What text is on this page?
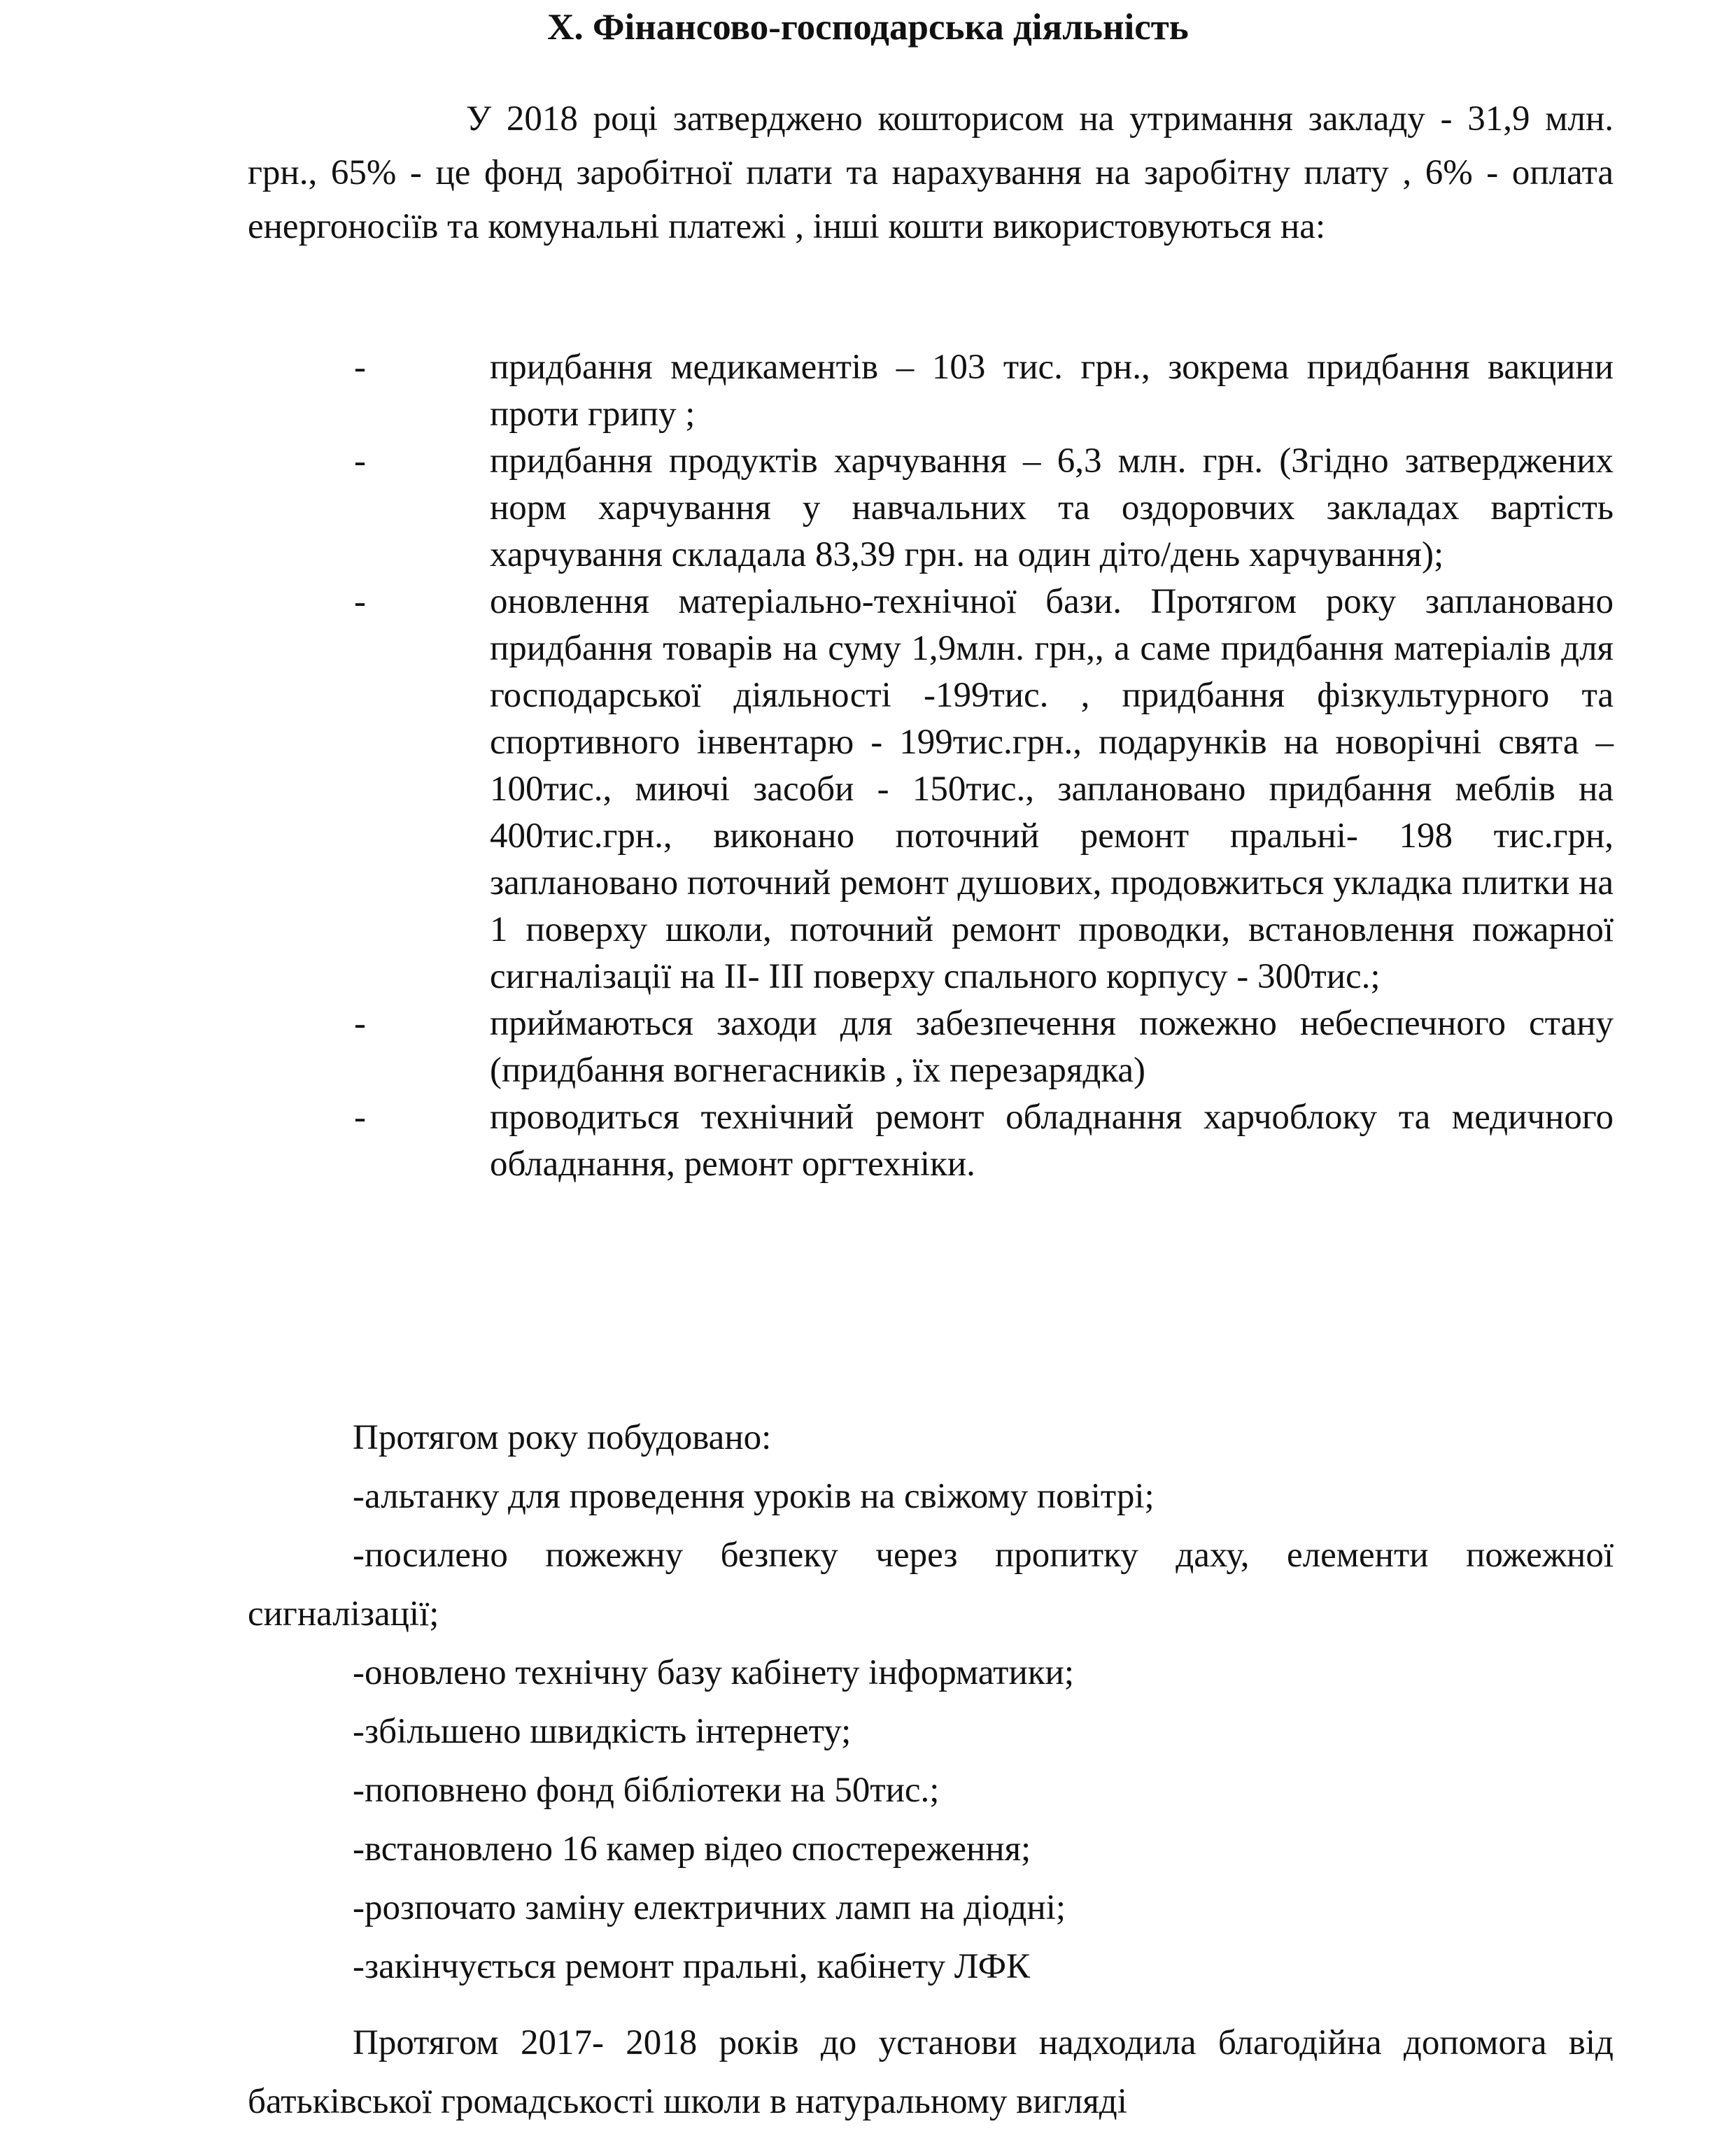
X. Фінансово-господарська діяльність

У 2018 році затверджено кошторисом на утримання закладу - 31,9 млн. грн., 65% - це фонд заробітної плати та нарахування на заробітну плату , 6% - оплата енергоносіїв та комунальні платежі , інші кошти використовуються на:

-	придбання медикаментів – 103 тис. грн., зокрема придбання вакцини проти грипу ;
-	придбання продуктів харчування – 6,3 млн. грн. (Згідно затверджених норм харчування у навчальних та оздоровчих закладах вартість харчування складала 83,39 грн. на один діто/день харчування);
-	оновлення матеріально-технічної бази. Протягом року заплановано придбання товарів на суму 1,9млн. грн,, а саме придбання матеріалів для господарської діяльності -199тис. , придбання фізкультурного та спортивного інвентарю - 199тис.грн., подарунків на новорічні свята – 100тис., миючі засоби - 150тис., заплановано придбання меблів на 400тис.грн., виконано поточний ремонт пральні- 198 тис.грн, заплановано поточний ремонт душових, продовжиться укладка плитки на 1 поверху школи, поточний ремонт проводки, встановлення пожарної сигналізації на II- III поверху спального корпусу - 300тис.;
-	приймаються заходи для забезпечення пожежно небеспечного стану (придбання вогнегасників , їх перезарядка)
-	проводиться технічний ремонт обладнання харчоблоку та медичного обладнання, ремонт оргтехніки.

Протягом року побудовано:

-альтанку для проведення уроків на свіжому повітрі;

-посилено пожежну безпеку через пропитку даху, елементи пожежної сигналізації;

-оновлено технічну базу кабінету інформатики;

-збільшено швидкість інтернету;

-поповнено фонд бібліотеки на 50тис.;

-встановлено 16 камер відео спостереження;

-розпочато заміну електричних ламп на діодні;

-закінчується ремонт пральні, кабінету ЛФК

Протягом 2017- 2018 років до установи надходила благодійна допомога від батьківської громадськості школи в натуральному вигляді
